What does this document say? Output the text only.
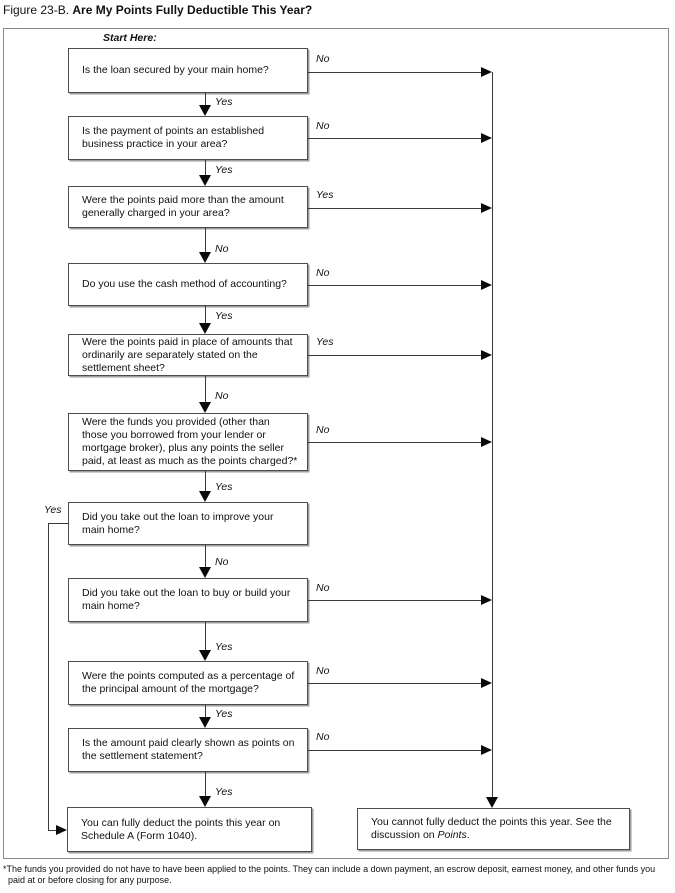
Figure 23-B. Are My Points Fully Deductible This Year?
Start Here:
Is the loan secured by your main home?
Is the payment of points an established business practice in your area?
Were the points paid more than the amount generally charged in your area?
Do you use the cash method of accounting?
Were the points paid in place of amounts that ordinarily are separately stated on the settlement sheet?
Were the funds you provided (other than those you borrowed from your lender or mortgage broker), plus any points the seller paid, at least as much as the points charged?*
Did you take out the loan to improve your main home?
Did you take out the loan to buy or build your main home?
Were the points computed as a percentage of the principal amount of the mortgage?
Is the amount paid clearly shown as points on the settlement statement?
No
No
Yes
No
Yes
No
No
No
No
Yes
Yes
No
Yes
No
Yes
No
Yes
Yes
Yes
Yes
You can fully deduct the points this year on Schedule A (Form 1040).
You cannot fully deduct the points this year. See the discussion on Points.
*The funds you provided do not have to have been applied to the points. They can include a down payment, an escrow deposit, earnest money, and other funds you paid at or before closing for any purpose.
